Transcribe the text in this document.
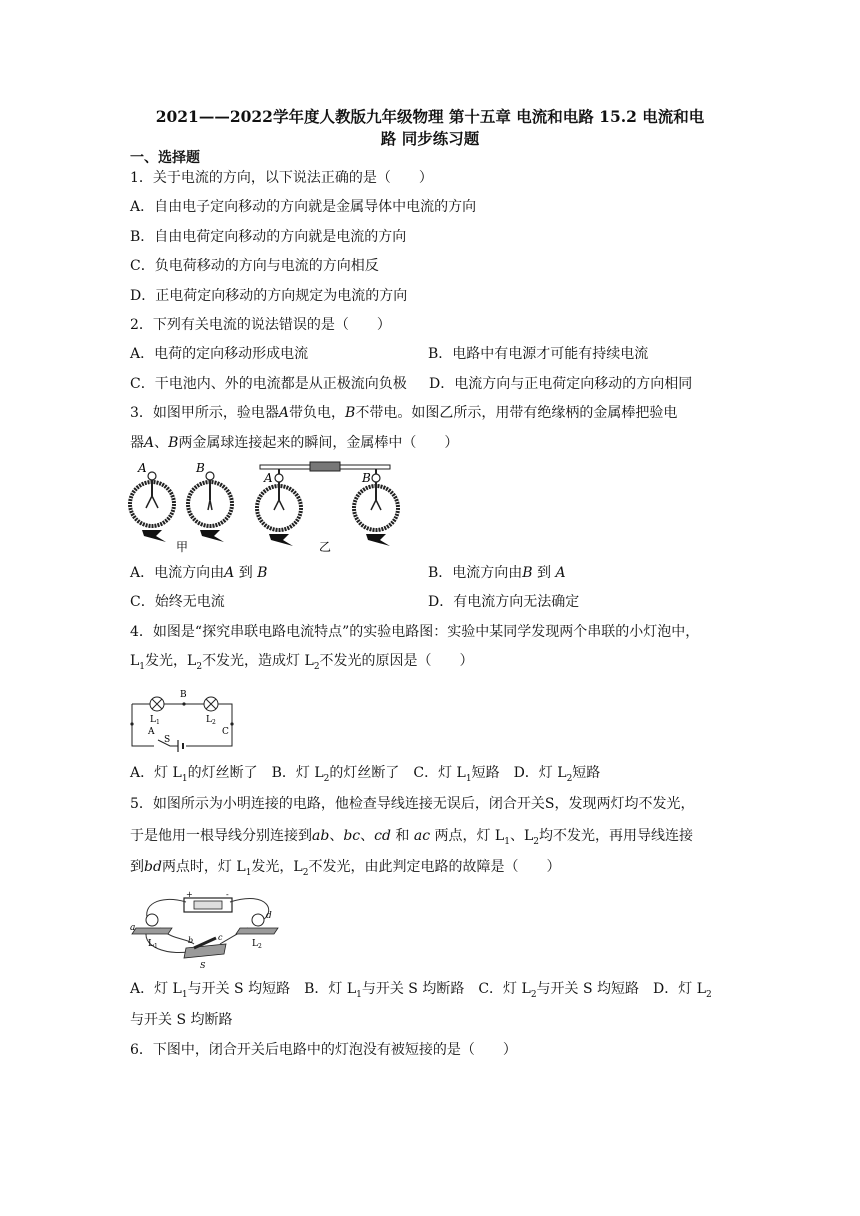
2021——2022学年度人教版九年级物理 第十五章 电流和电路 15.2 电流和电
路 同步练习题
一、选择题
1．关于电流的方向，以下说法正确的是（　　）
A．自由电子定向移动的方向就是金属导体中电流的方向
B．自由电荷定向移动的方向就是电流的方向
C．负电荷移动的方向与电流的方向相反
D．正电荷定向移动的方向规定为电流的方向
2．下列有关电流的说法错误的是（　　）
A．电荷的定向移动形成电流	B．电路中有电源才可能有持续电流
C．干电池内、外的电流都是从正极流向负极 D．电流方向与正电荷定向移动的方向相同
3．如图甲所示，验电器A带负电，B不带电。如图乙所示，用带有绝缘柄的金属棒把验电
器A、B两金属球连接起来的瞬间，金属棒中（　　）
A	B
A	B
甲	乙
A．电流方向由A 到 B	B．电流方向由B 到 A
C．始终无电流	D．有电流方向无法确定
4．如图是“探究串联电路电流特点”的实验电路图：实验中某同学发现两个串联的小灯泡中，
$L_1$发光，$L_2$不发光，造成灯 $L_2$不发光的原因是（　　）
B
$L_1$	$L_2$
A	C
S
A．灯 $L_1$的灯丝断了　B．灯 $L_2$的灯丝断了　C．灯 $L_1$短路　D．灯 $L_2$短路
5．如图所示为小明连接的电路，他检查导线连接无误后，闭合开关S，发现两灯均不发光，
于是他用一根导线分别连接到ab、bc、cd 和 ac 两点，灯 $L_1$、$L_2$均不发光，再用导线连接
到bd两点时，灯 $L_1$发光，$L_2$不发光，由此判定电路的故障是（　　）
+	-
a
d
b	c
$L_1$	$L_2$
S
A．灯 $L_1$与开关 S 均短路　B．灯 $L_1$与开关 S 均断路　C．灯 $L_2$与开关 S 均短路　D．灯 $L_2$
与开关 S 均断路
6．下图中，闭合开关后电路中的灯泡没有被短接的是（　　）
